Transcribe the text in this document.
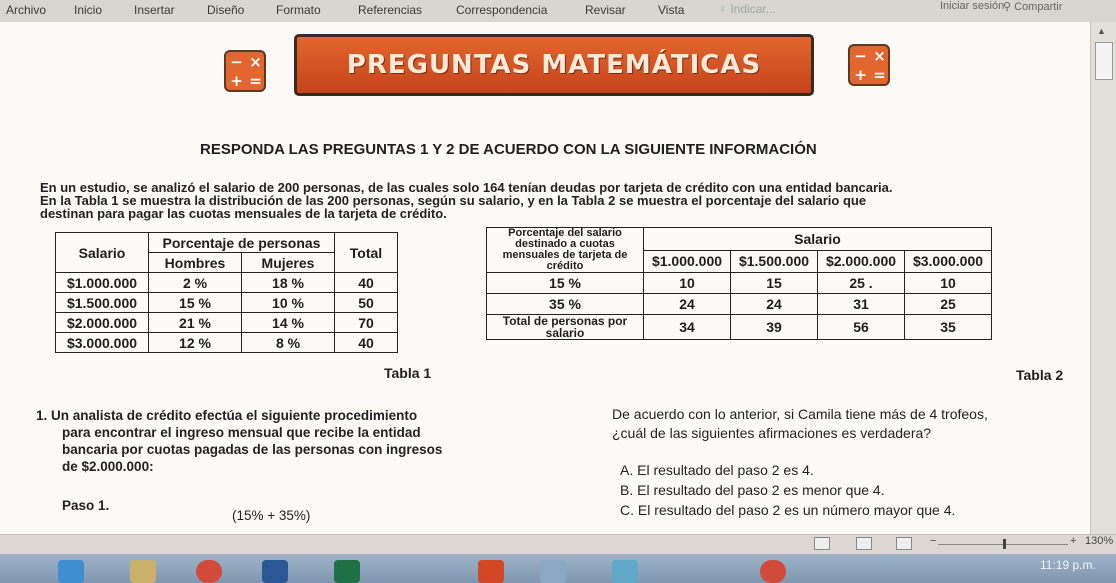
Archivo Inicio	Insertar	Diseño	Formato	Referencias	Correspondencia	Revisar	Vista	♀ Indicar...	Iniciar sesión
⚲ Compartir
− ×
+ =
PREGUNTAS MATEMÁTICAS	− ×
+ =
RESPONDA LAS PREGUNTAS 1 Y 2 DE ACUERDO CON LA SIGUIENTE INFORMACIÓN
En un estudio, se analizó el salario de 200 personas, de las cuales solo 164 tenían deudas por tarjeta de crédito con una entidad bancaria.
En la Tabla 1 se muestra la distribución de las 200 personas, según su salario, y en la Tabla 2 se muestra el porcentaje del salario que
destinan para pagar las cuotas mensuales de la tarjeta de crédito.
Salario	Porcentaje de personas		Total
	Hombres	Mujeres	
$1.000.000	2 %	18 %	40
$1.500.000	15 %	10 %	50
$2.000.000	21 %	14 %	70
$3.000.000	12 %	8 %	40
Tabla 1
Porcentaje del salario destinado a cuotas mensuales de tarjeta de crédito	Salario			
	$1.000.000	$1.500.000	$2.000.000	$3.000.000
15 %	10	15	25 .	10
35 %	24	24	31	25
Total de personas por salario	34	39	56	35
Tabla 2
1. Un analista de crédito efectúa el siguiente procedimiento
para encontrar el ingreso mensual que recibe la entidad
bancaria por cuotas pagadas de las personas con ingresos
de $2.000.000:
Paso 1.
(15% + 35%)
De acuerdo con lo anterior, si Camila tiene más de 4 trofeos,
¿cuál de las siguientes afirmaciones es verdadera?
A. El resultado del paso 2 es 4.
B. El resultado del paso 2 es menor que 4.
C. El resultado del paso 2 es un número mayor que 4.
▲
−	+ 130%
11:19 p.m.
